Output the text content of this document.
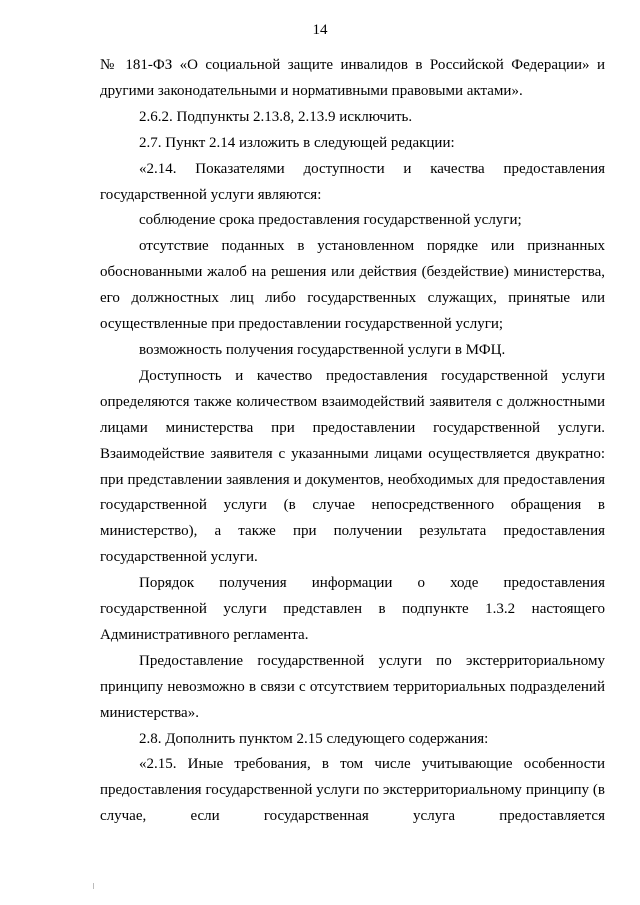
14

№ 181-ФЗ «О социальной защите инвалидов в Российской Федерации» и другими законодательными и нормативными правовыми актами».

2.6.2. Подпункты 2.13.8, 2.13.9 исключить.

2.7. Пункт 2.14 изложить в следующей редакции:

«2.14. Показателями доступности и качества предоставления государственной услуги являются:

соблюдение срока предоставления государственной услуги;

отсутствие поданных в установленном порядке или признанных обоснованными жалоб на решения или действия (бездействие) министерства, его должностных лиц либо государственных служащих, принятые или осуществленные при предоставлении государственной услуги;

возможность получения государственной услуги в МФЦ.

Доступность и качество предоставления государственной услуги определяются также количеством взаимодействий заявителя с должностными лицами министерства при предоставлении государственной услуги. Взаимодействие заявителя с указанными лицами осуществляется двукратно: при представлении заявления и документов, необходимых для предоставления государственной услуги (в случае непосредственного обращения в министерство), а также при получении результата предоставления государственной услуги.

Порядок получения информации о ходе предоставления государственной услуги представлен в подпункте 1.3.2 настоящего Административного регламента.

Предоставление государственной услуги по экстерриториальному принципу невозможно в связи с отсутствием территориальных подразделений министерства».

2.8. Дополнить пунктом 2.15 следующего содержания:

«2.15. Иные требования, в том числе учитывающие особенности предоставления государственной услуги по экстерриториальному принципу (в случае, если государственная услуга предоставляется
